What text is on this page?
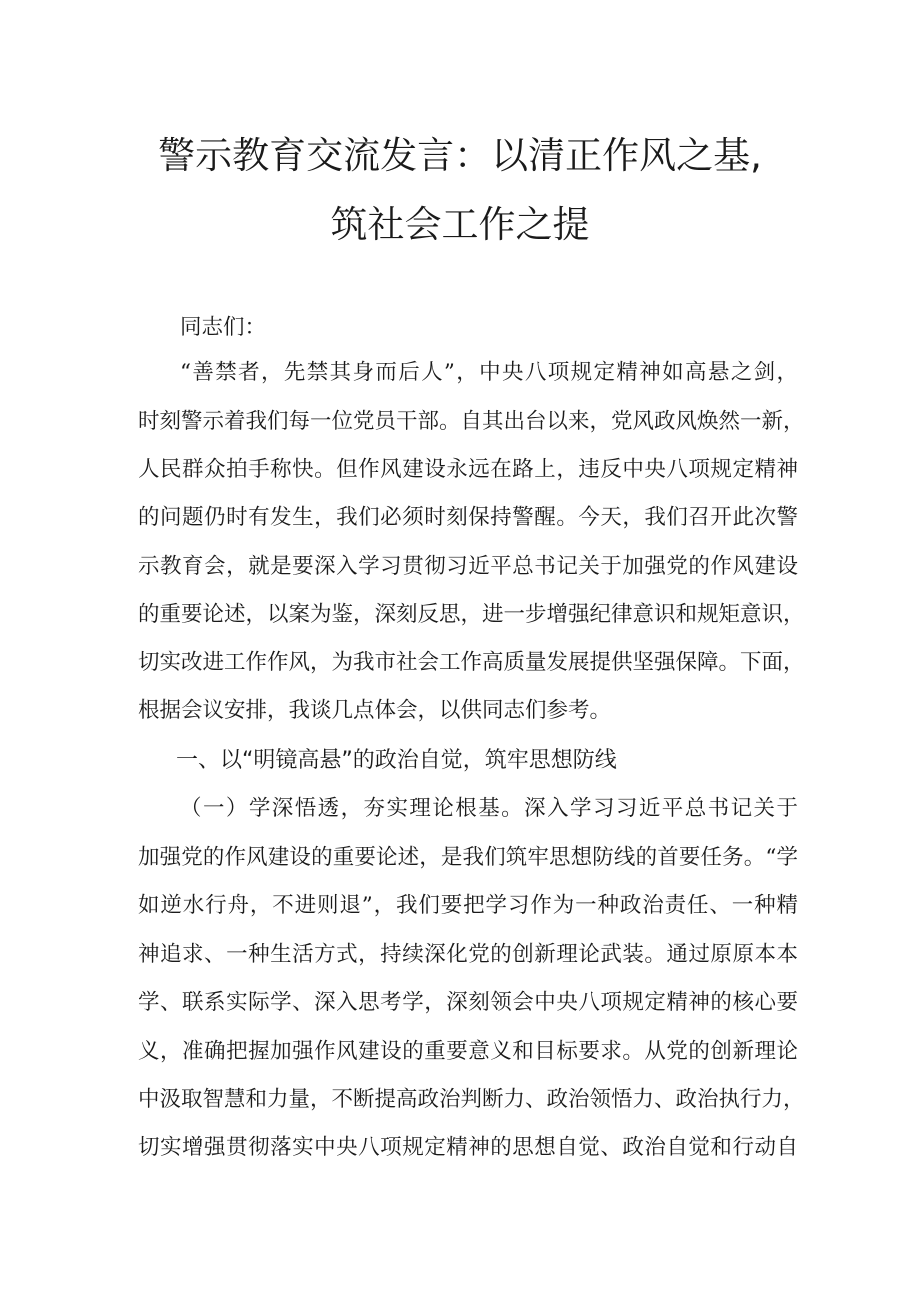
警示教育交流发言：以清正作风之基,
筑社会工作之提
同志们：
“善禁者，先禁其身而后人”，中央八项规定精神如高悬之剑，
时刻警示着我们每一位党员干部。自其出台以来，党风政风焕然一新，
人民群众拍手称快。但作风建设永远在路上，违反中央八项规定精神
的问题仍时有发生，我们必须时刻保持警醒。今天，我们召开此次警
示教育会，就是要深入学习贯彻习近平总书记关于加强党的作风建设
的重要论述，以案为鉴，深刻反思，进一步增强纪律意识和规矩意识，
切实改进工作作风，为我市社会工作高质量发展提供坚强保障。下面，
根据会议安排，我谈几点体会，以供同志们参考。
一、以“明镜高悬”的政治自觉，筑牢思想防线
（一）学深悟透，夯实理论根基。深入学习习近平总书记关于
加强党的作风建设的重要论述，是我们筑牢思想防线的首要任务。“学
如逆水行舟，不进则退”，我们要把学习作为一种政治责任、一种精
神追求、一种生活方式，持续深化党的创新理论武装。通过原原本本
学、联系实际学、深入思考学，深刻领会中央八项规定精神的核心要
义，准确把握加强作风建设的重要意义和目标要求。从党的创新理论
中汲取智慧和力量，不断提高政治判断力、政治领悟力、政治执行力，
切实增强贯彻落实中央八项规定精神的思想自觉、政治自觉和行动自
